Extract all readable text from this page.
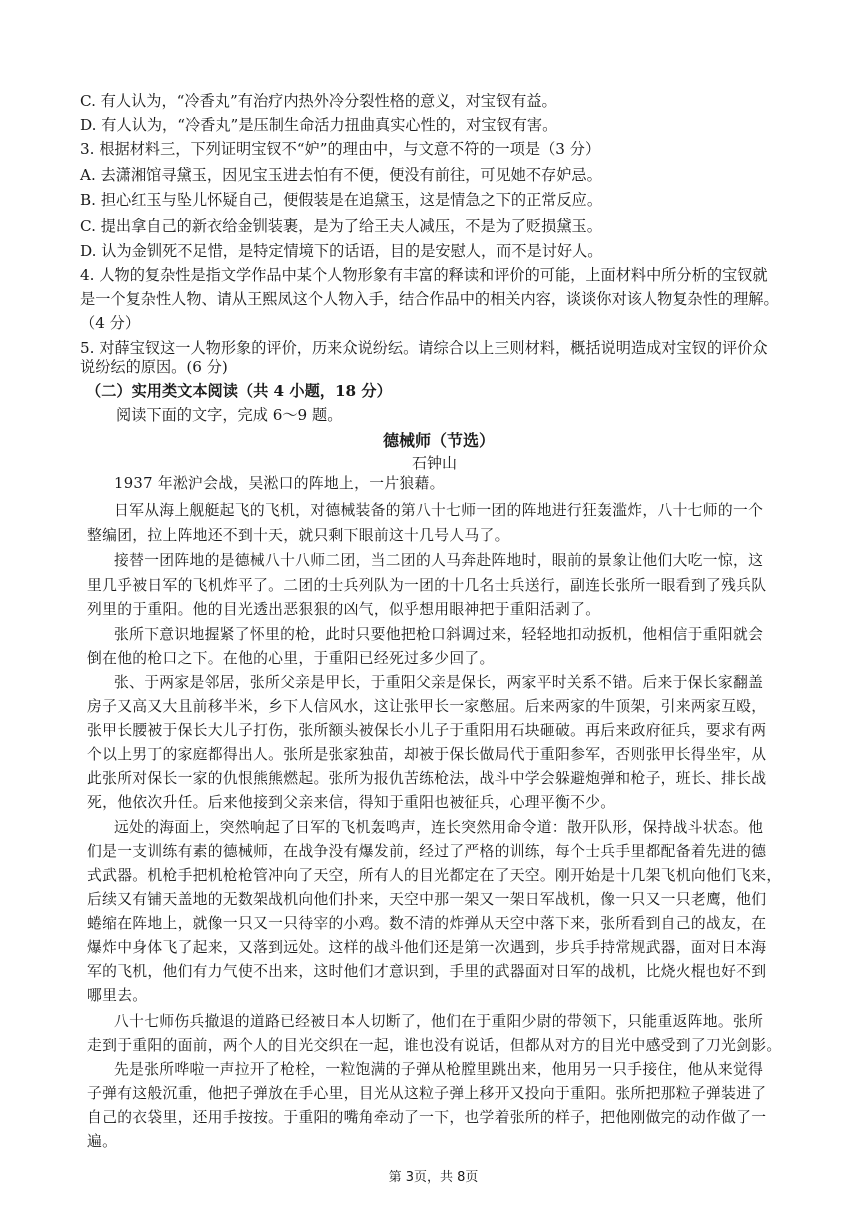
C. 有人认为，“冷香丸”有治疗内热外冷分裂性格的意义，对宝钗有益。
D. 有人认为，“冷香丸”是压制生命活力扭曲真实心性的，对宝钗有害。
3. 根据材料三，下列证明宝钗不“妒”的理由中，与文意不符的一项是（3 分）
A. 去潇湘馆寻黛玉，因见宝玉进去怕有不便，便没有前往，可见她不存妒忌。
B. 担心红玉与坠儿怀疑自己，便假装是在追黛玉，这是情急之下的正常反应。
C. 提出拿自己的新衣给金钏装裹，是为了给王夫人减压，不是为了贬损黛玉。
D. 认为金钏死不足惜，是特定情境下的话语，目的是安慰人，而不是讨好人。
4. 人物的复杂性是指文学作品中某个人物形象有丰富的释读和评价的可能，上面材料中所分析的宝钗就
是一个复杂性人物、请从王熙凤这个人物入手，结合作品中的相关内容，谈谈你对该人物复杂性的理解。
（4 分）
5. 对薛宝钗这一人物形象的评价，历来众说纷纭。请综合以上三则材料，概括说明造成对宝钗的评价众
说纷纭的原因。(6 分)
（二）实用类文本阅读（共 4 小题，18 分）
阅读下面的文字，完成 6～9 题。
德械师（节选）
石钟山
1937 年淞沪会战，吴淞口的阵地上，一片狼藉。
日军从海上舰艇起飞的飞机，对德械装备的第八十七师一团的阵地进行狂轰滥炸，八十七师的一个
整编团，拉上阵地还不到十天，就只剩下眼前这十几号人马了。
接替一团阵地的是德械八十八师二团，当二团的人马奔赴阵地时，眼前的景象让他们大吃一惊，这
里几乎被日军的飞机炸平了。二团的士兵列队为一团的十几名士兵送行，副连长张所一眼看到了残兵队
列里的于重阳。他的目光透出恶狠狠的凶气，似乎想用眼神把于重阳活剥了。
张所下意识地握紧了怀里的枪，此时只要他把枪口斜调过来，轻轻地扣动扳机，他相信于重阳就会
倒在他的枪口之下。在他的心里，于重阳已经死过多少回了。
张、于两家是邻居，张所父亲是甲长，于重阳父亲是保长，两家平时关系不错。后来于保长家翻盖
房子又高又大且前移半米，乡下人信风水，这让张甲长一家憋屈。后来两家的牛顶架，引来两家互殴，
张甲长腰被于保长大儿子打伤，张所额头被保长小儿子于重阳用石块砸破。再后来政府征兵，要求有两
个以上男丁的家庭都得出人。张所是张家独苗，却被于保长做局代于重阳参军，否则张甲长得坐牢，从
此张所对保长一家的仇恨熊熊燃起。张所为报仇苦练枪法，战斗中学会躲避炮弹和枪子，班长、排长战
死，他依次升任。后来他接到父亲来信，得知于重阳也被征兵，心理平衡不少。
远处的海面上，突然响起了日军的飞机轰鸣声，连长突然用命令道：散开队形，保持战斗状态。他
们是一支训练有素的德械师，在战争没有爆发前，经过了严格的训练，每个士兵手里都配备着先进的德
式武器。机枪手把机枪枪管冲向了天空，所有人的目光都定在了天空。刚开始是十几架飞机向他们飞来，
后续又有铺天盖地的无数架战机向他们扑来，天空中那一架又一架日军战机，像一只又一只老鹰，他们
蜷缩在阵地上，就像一只又一只待宰的小鸡。数不清的炸弹从天空中落下来，张所看到自己的战友，在
爆炸中身体飞了起来，又落到远处。这样的战斗他们还是第一次遇到，步兵手持常规武器，面对日本海
军的飞机，他们有力气使不出来，这时他们才意识到，手里的武器面对日军的战机，比烧火棍也好不到
哪里去。
八十七师伤兵撤退的道路已经被日本人切断了，他们在于重阳少尉的带领下，只能重返阵地。张所
走到于重阳的面前，两个人的目光交织在一起，谁也没有说话，但都从对方的目光中感受到了刀光剑影。
先是张所哗啦一声拉开了枪栓，一粒饱满的子弹从枪膛里跳出来，他用另一只手接住，他从来觉得
子弹有这般沉重，他把子弹放在手心里，目光从这粒子弹上移开又投向于重阳。张所把那粒子弹装进了
自己的衣袋里，还用手按按。于重阳的嘴角牵动了一下，也学着张所的样子，把他刚做完的动作做了一
遍。
第 3页，共 8页
